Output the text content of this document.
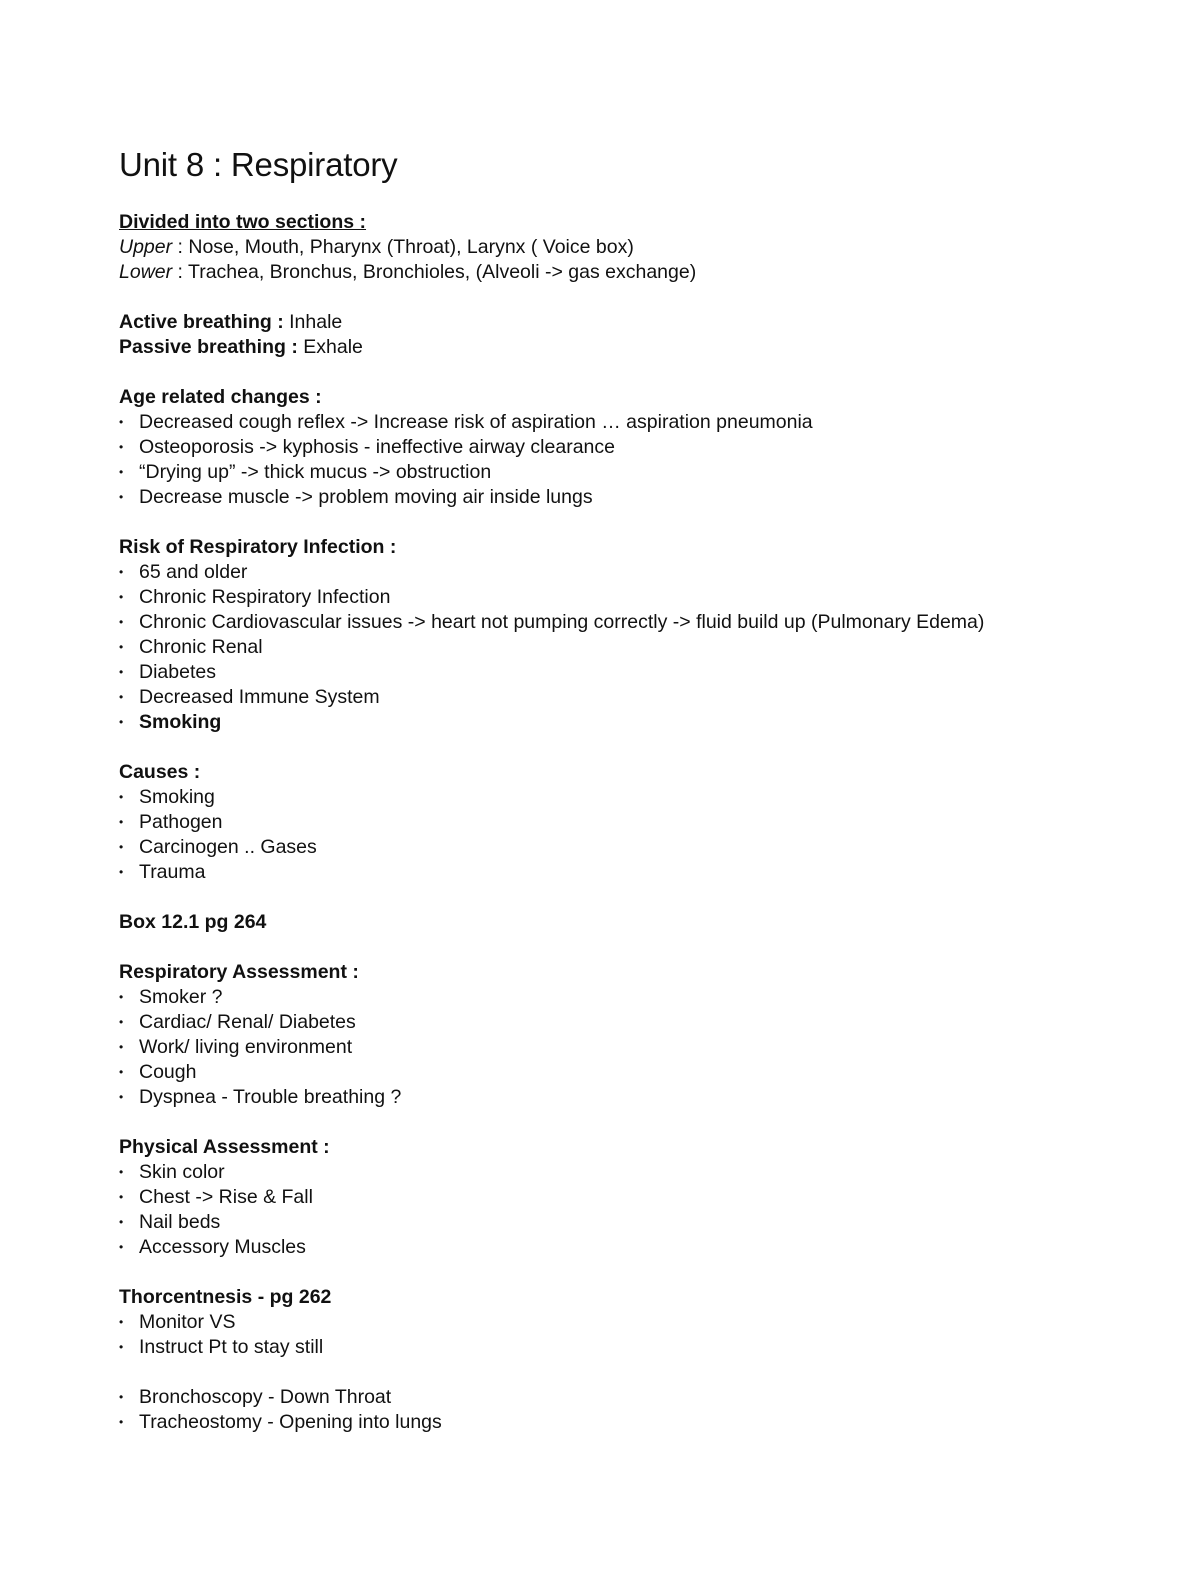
Unit 8 : Respiratory
Divided into two sections :
Upper : Nose, Mouth, Pharynx (Throat), Larynx ( Voice box)
Lower : Trachea, Bronchus, Bronchioles, (Alveoli -> gas exchange)
Active breathing : Inhale
Passive breathing : Exhale
Age related changes :
• Decreased cough reflex -> Increase risk of aspiration … aspiration pneumonia
• Osteoporosis -> kyphosis - ineffective airway clearance
• “Drying up” -> thick mucus -> obstruction
• Decrease muscle -> problem moving air inside lungs
Risk of Respiratory Infection :
• 65 and older
• Chronic Respiratory Infection
• Chronic Cardiovascular issues -> heart not pumping correctly -> fluid build up (Pulmonary Edema)
• Chronic Renal
• Diabetes
• Decreased Immune System
• Smoking
Causes :
• Smoking
• Pathogen
• Carcinogen .. Gases
• Trauma
Box 12.1 pg 264
Respiratory Assessment :
• Smoker ?
• Cardiac/ Renal/ Diabetes
• Work/ living environment
• Cough
• Dyspnea - Trouble breathing ?
Physical Assessment :
• Skin color
• Chest -> Rise & Fall
• Nail beds
• Accessory Muscles
Thorcentnesis - pg 262
• Monitor VS
• Instruct Pt to stay still
• Bronchoscopy - Down Throat
• Tracheostomy - Opening into lungs
